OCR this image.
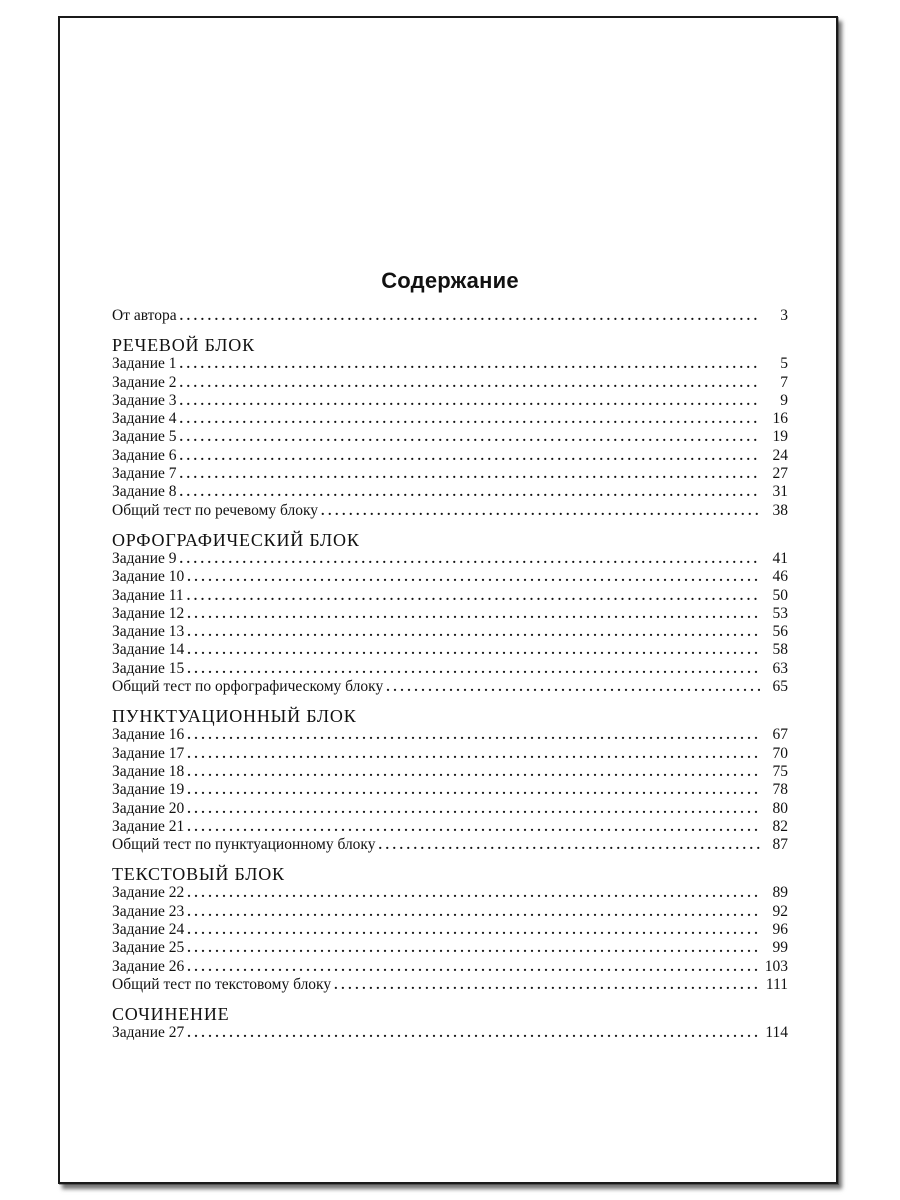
Содержание
От автора . . .	3
РЕЧЕВОЙ БЛОК
Задание 1 . . .	5
Задание 2 . . .	7
Задание 3 . . .	9
Задание 4 . . .	16
Задание 5 . . .	19
Задание 6 . . .	24
Задание 7 . . .	27
Задание 8 . . .	31
Общий тест по речевому блоку . . .	38
ОРФОГРАФИЧЕСКИЙ БЛОК
Задание 9 . . .	41
Задание 10 . . .	46
Задание 11 . . .	50
Задание 12 . . .	53
Задание 13 . . .	56
Задание 14 . . .	58
Задание 15 . . .	63
Общий тест по орфографическому блоку . . .	65
ПУНКТУАЦИОННЫЙ БЛОК
Задание 16 . . .	67
Задание 17 . . .	70
Задание 18 . . .	75
Задание 19 . . .	78
Задание 20 . . .	80
Задание 21 . . .	82
Общий тест по пунктуационному блоку . . .	87
ТЕКСТОВЫЙ БЛОК
Задание 22 . . .	89
Задание 23 . . .	92
Задание 24 . . .	96
Задание 25 . . .	99
Задание 26 . . .	103
Общий тест по текстовому блоку . . .	111
СОЧИНЕНИЕ
Задание 27 . . .	114
